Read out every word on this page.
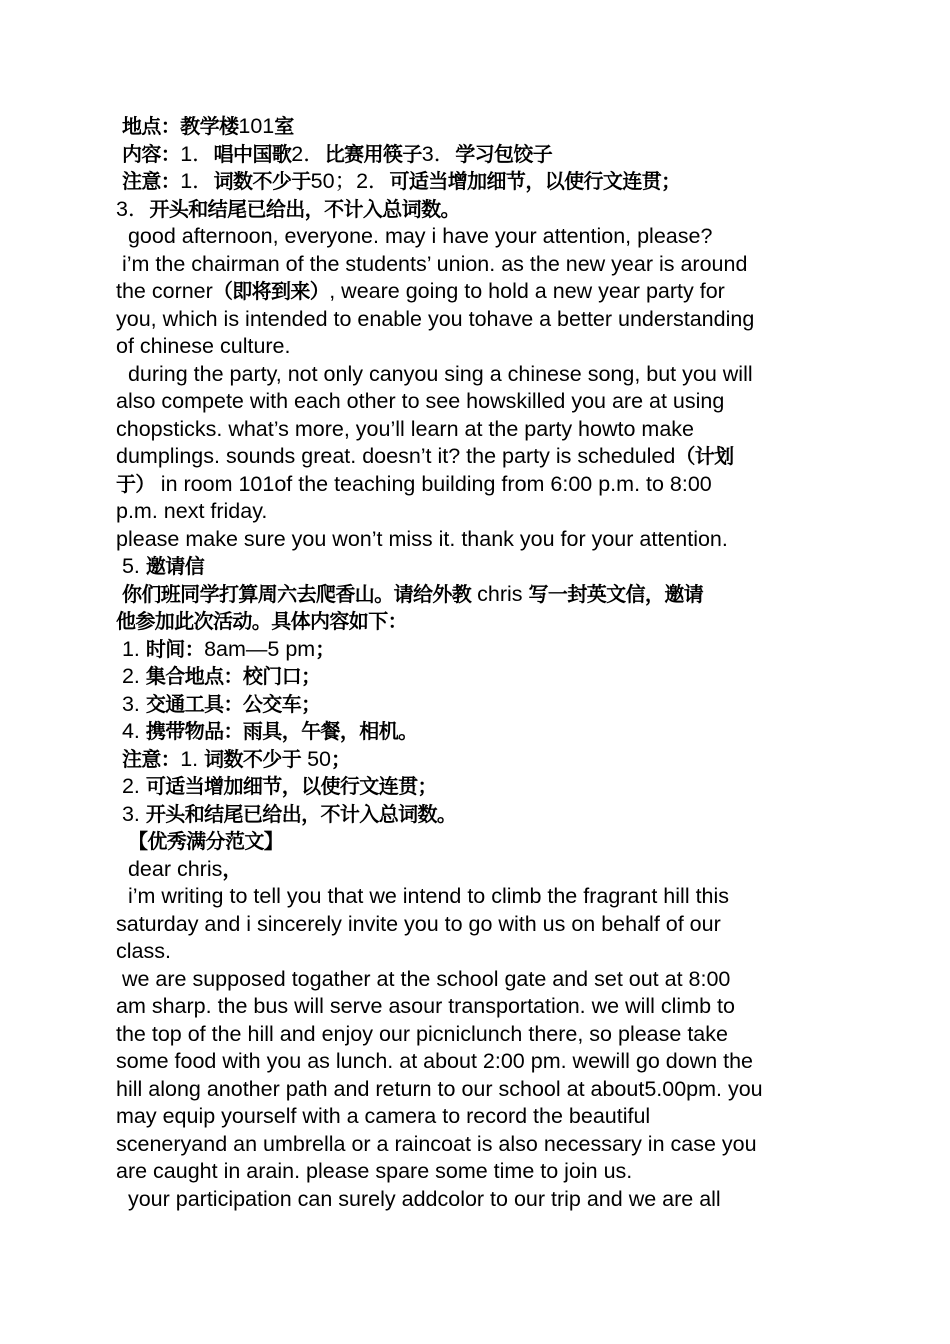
地点：教学楼101室
内容：1．唱中国歌2．比赛用筷子3．学习包饺子
注意：1．词数不少于50；2．可适当增加细节，以使行文连贯；
3．开头和结尾已给出，不计入总词数。
good afternoon, everyone. may i have your attention, please?
i’m the chairman of the students’ union. as the new year is around
the corner（即将到来）, weare going to hold a new year party for
you, which is intended to enable you tohave a better understanding
of chinese culture.
during the party, not only canyou sing a chinese song, but you will
also compete with each other to see howskilled you are at using
chopsticks. what’s more, you’ll learn at the party howto make
dumplings. sounds great. doesn’t it? the party is scheduled（计划
于） in room 101of the teaching building from 6:00 p.m. to 8:00
p.m. next friday.
please make sure you won’t miss it. thank you for your attention.
5. 邀请信
你们班同学打算周六去爬香山。请给外教 chris 写一封英文信，邀请
他参加此次活动。具体内容如下：
1. 时间：8am—5 pm；
2. 集合地点：校门口；
3. 交通工具：公交车；
4. 携带物品：雨具，午餐，相机。
注意：1. 词数不少于 50；
2. 可适当增加细节，以使行文连贯；
3. 开头和结尾已给出，不计入总词数。
【优秀满分范文】
dear chris，
i’m writing to tell you that we intend to climb the fragrant hill this
saturday and i sincerely invite you to go with us on behalf of our
class.
we are supposed togather at the school gate and set out at 8:00
am sharp. the bus will serve asour transportation. we will climb to
the top of the hill and enjoy our picniclunch there, so please take
some food with you as lunch. at about 2:00 pm. wewill go down the
hill along another path and return to our school at about5.00pm. you
may equip yourself with a camera to record the beautiful
sceneryand an umbrella or a raincoat is also necessary in case you
are caught in arain. please spare some time to join us.
your participation can surely addcolor to our trip and we are all
